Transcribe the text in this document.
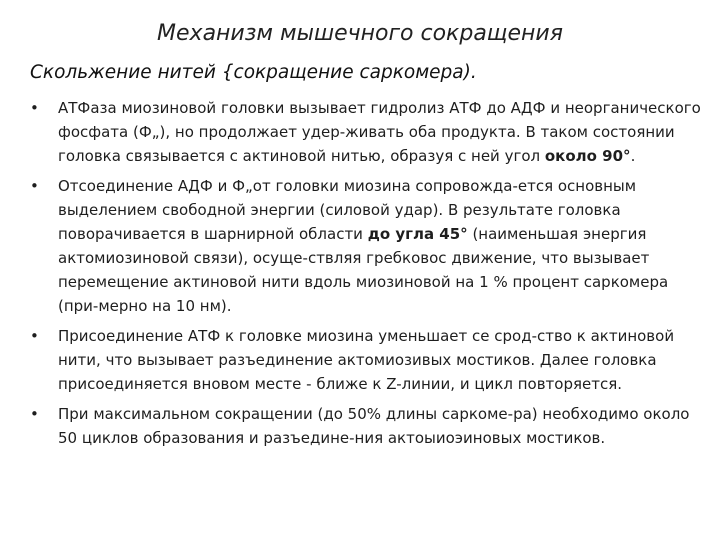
Механизм мышечного сокращения
Скольжение нитей {сокращение саркомера).
•	АТФаза миозиновой головки вызывает гидролиз АТФ до АДФ и неорганического фосфата (Ф„), но продолжает удер-живать оба продукта. В таком состоянии головка связывается с актиновой нитью, образуя с ней угол около 90°.
•	Отсоединение АДФ и Ф„от головки миозина сопровожда-ется основным выделением свободной энергии (силовой удар). В результате головка поворачивается в шарнирной области до угла 45° (наименьшая энергия актомиозиновой связи), осуще-ствляя гребковос движение, что вызывает перемещение актиновой нити вдоль миозиновой на 1 % процент саркомера (при-мерно на 10 нм).
•	Присоединение АТФ к головке миозина уменьшает се срод-ство к актиновой нити, что вызывает разъединение актомиозивых мостиков. Далее головка присоединяется вновом месте - ближе к Z-линии, и цикл повторяется.
•	При максимальном сокращении (до 50% длины саркоме-ра) необходимо около 50 циклов образования и разъедине-ния актоыиоэиновых мостиков.
